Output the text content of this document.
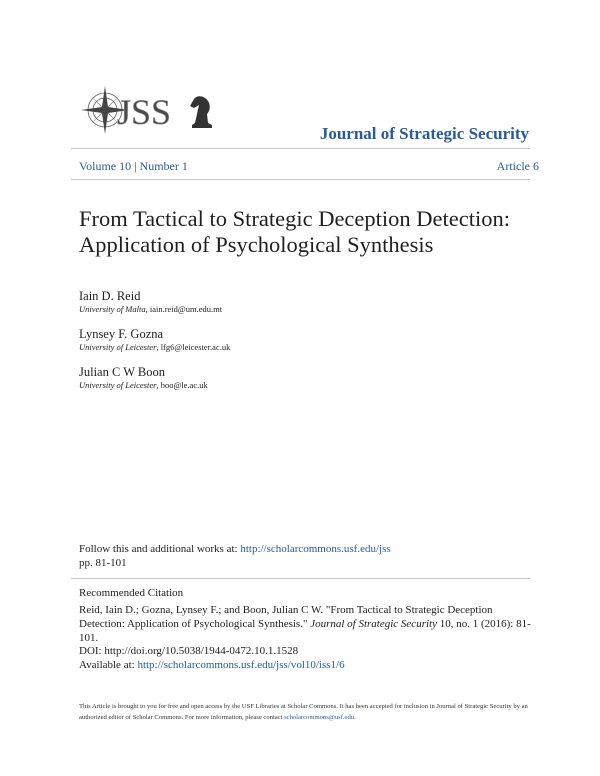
JSS
Journal of Strategic Security
Volume 10 | Number 1	Article 6
From Tactical to Strategic Deception Detection: Application of Psychological Synthesis
Iain D. Reid
University of Malta, iain.reid@um.edu.mt
Lynsey F. Gozna
University of Leicester, lfg6@leicester.ac.uk
Julian C W Boon
University of Leicester, boo@le.ac.uk
Follow this and additional works at: http://scholarcommons.usf.edu/jss
pp. 81-101
Recommended Citation
Reid, Iain D.; Gozna, Lynsey F.; and Boon, Julian C W. "From Tactical to Strategic Deception Detection: Application of Psychological Synthesis." Journal of Strategic Security 10, no. 1 (2016): 81-101.
DOI: http://doi.org/10.5038/1944-0472.10.1.1528
Available at: http://scholarcommons.usf.edu/jss/vol10/iss1/6
This Article is brought to you for free and open access by the USF Libraries at Scholar Commons. It has been accepted for inclusion in Journal of Strategic Security by an authorized editor of Scholar Commons. For more information, please contact scholarcommons@usf.edu.
